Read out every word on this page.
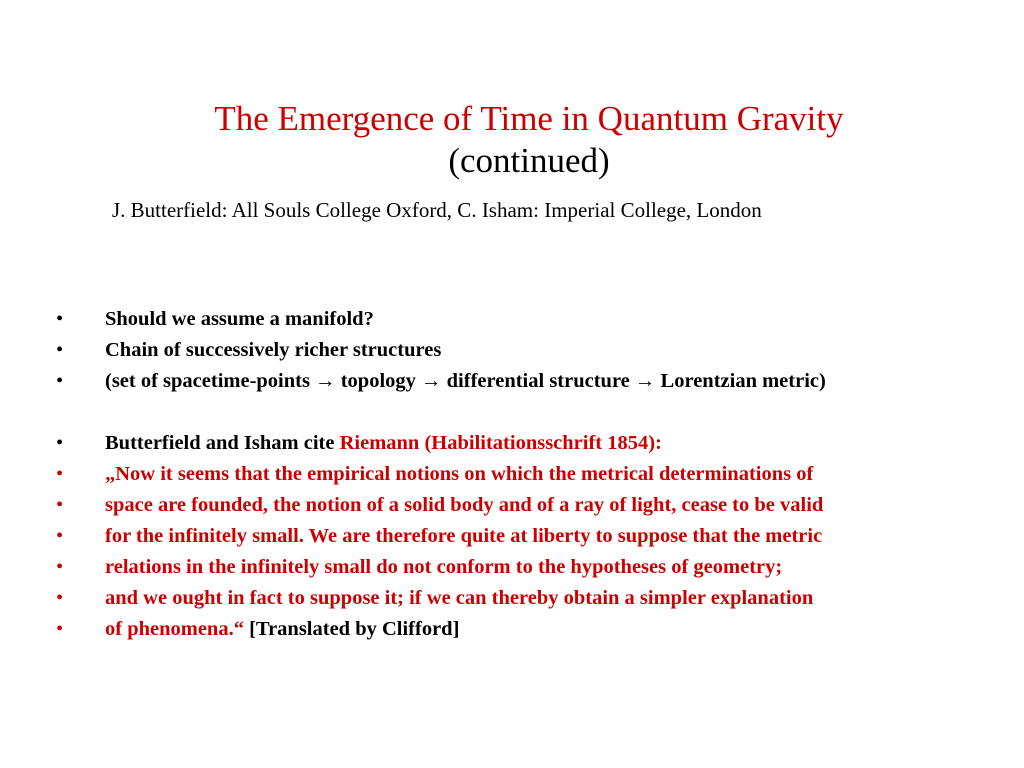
The Emergence of Time in Quantum Gravity
(continued)
J. Butterfield: All Souls College Oxford, C. Isham: Imperial College, London
• Should we assume a manifold?
• Chain of successively richer structures
• (set of spacetime-points → topology → differential structure → Lorentzian metric)
• Butterfield and Isham cite Riemann (Habilitationsschrift 1854):
• „Now it seems that the empirical notions on which the metrical determinations of
• space are founded, the notion of a solid body and of a ray of light, cease to be valid
• for the infinitely small. We are therefore quite at liberty to suppose that the metric
• relations in the infinitely small do not conform to the hypotheses of geometry;
• and we ought in fact to suppose it; if we can thereby obtain a simpler explanation
• of phenomena.“ [Translated by Clifford]
